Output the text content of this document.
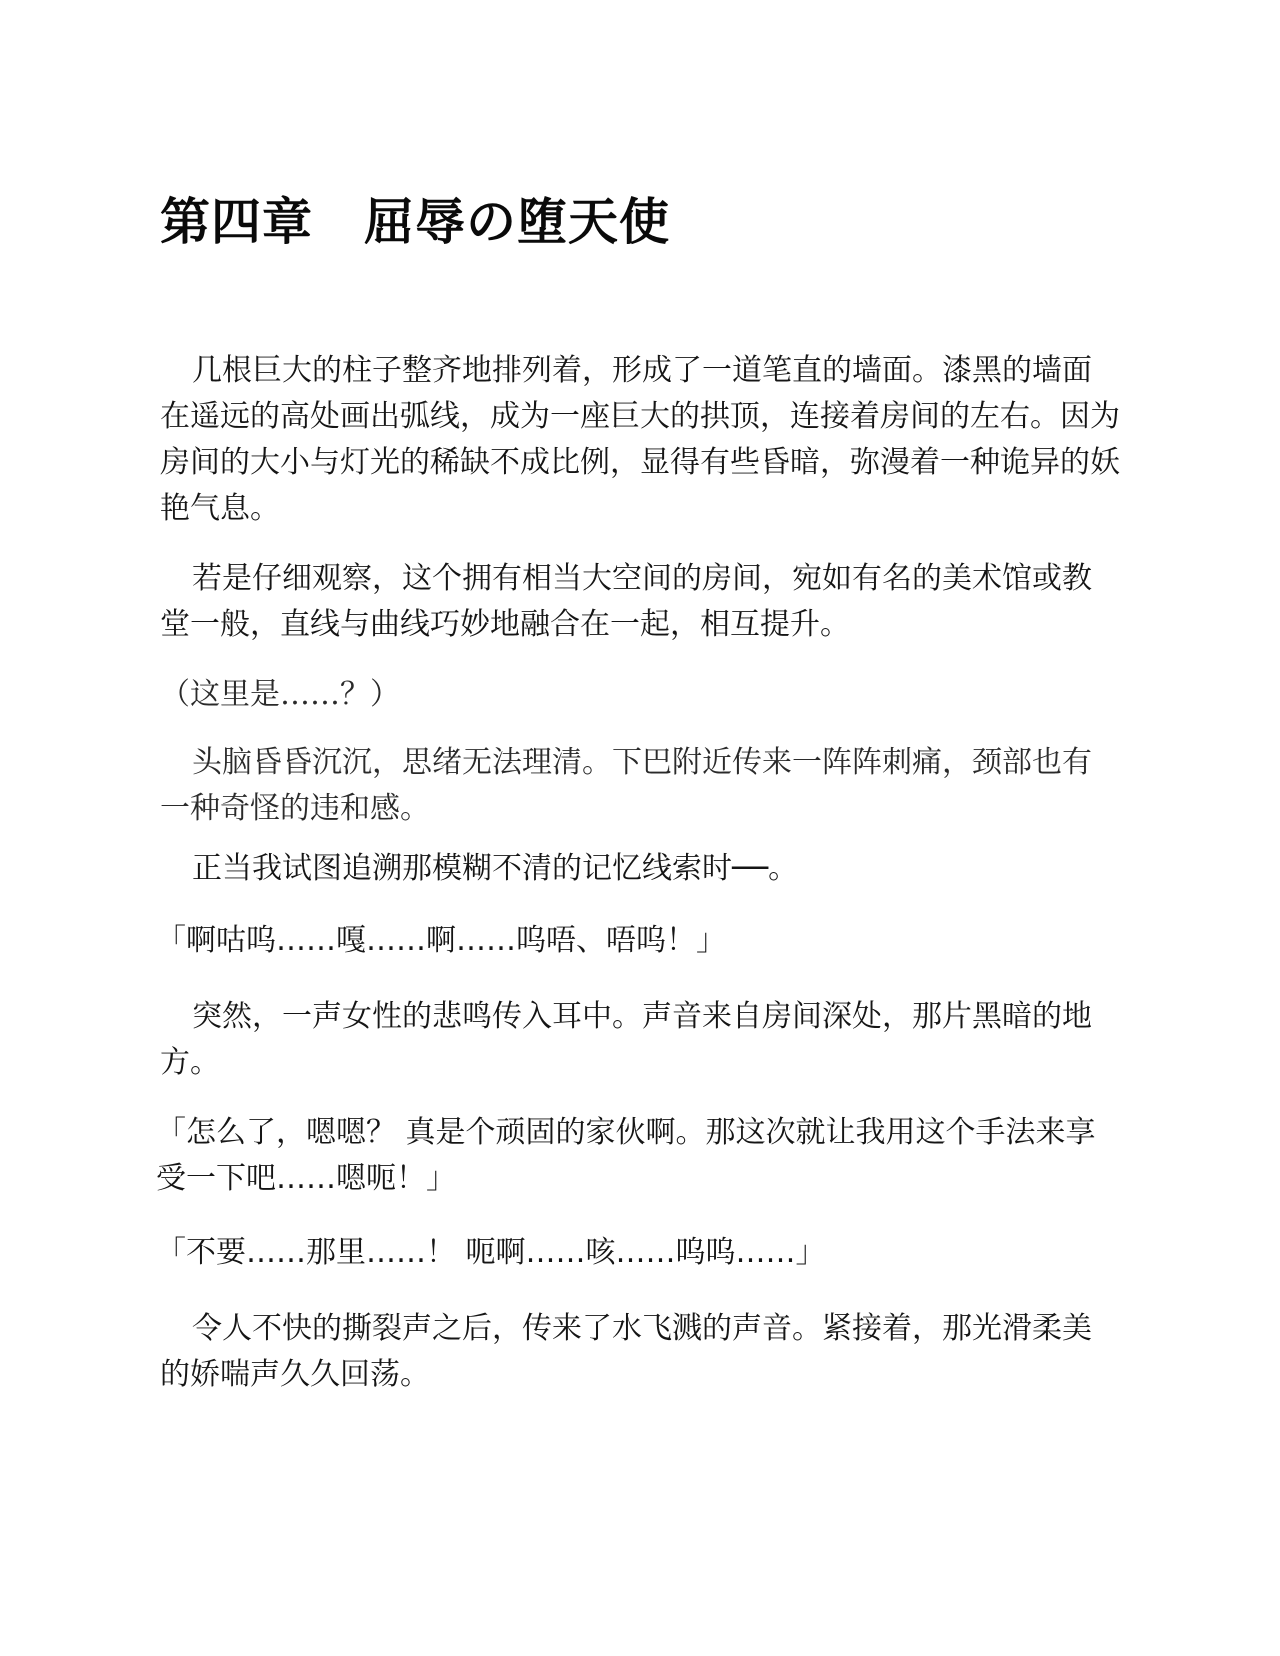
第四章　屈辱の堕天使

几根巨大的柱子整齐地排列着，形成了一道笔直的墙面。漆黑的墙面在遥远的高处画出弧线，成为一座巨大的拱顶，连接着房间的左右。因为房间的大小与灯光的稀缺不成比例，显得有些昏暗，弥漫着一种诡异的妖艳气息。

若是仔细观察，这个拥有相当大空间的房间，宛如有名的美术馆或教堂一般，直线与曲线巧妙地融合在一起，相互提升。

（这里是……？）

头脑昏昏沉沉，思绪无法理清。下巴附近传来一阵阵刺痛，颈部也有一种奇怪的违和感。

正当我试图追溯那模糊不清的记忆线索时──。

「啊咕呜……嘎……啊……呜唔、唔呜！」

突然，一声女性的悲鸣传入耳中。声音来自房间深处，那片黑暗的地方。

「怎么了，嗯嗯？ 真是个顽固的家伙啊。那这次就让我用这个手法来享受一下吧……嗯呃！」

「不要……那里……！ 呃啊……咳……呜呜……」

令人不快的撕裂声之后，传来了水飞溅的声音。紧接着，那光滑柔美的娇喘声久久回荡。
